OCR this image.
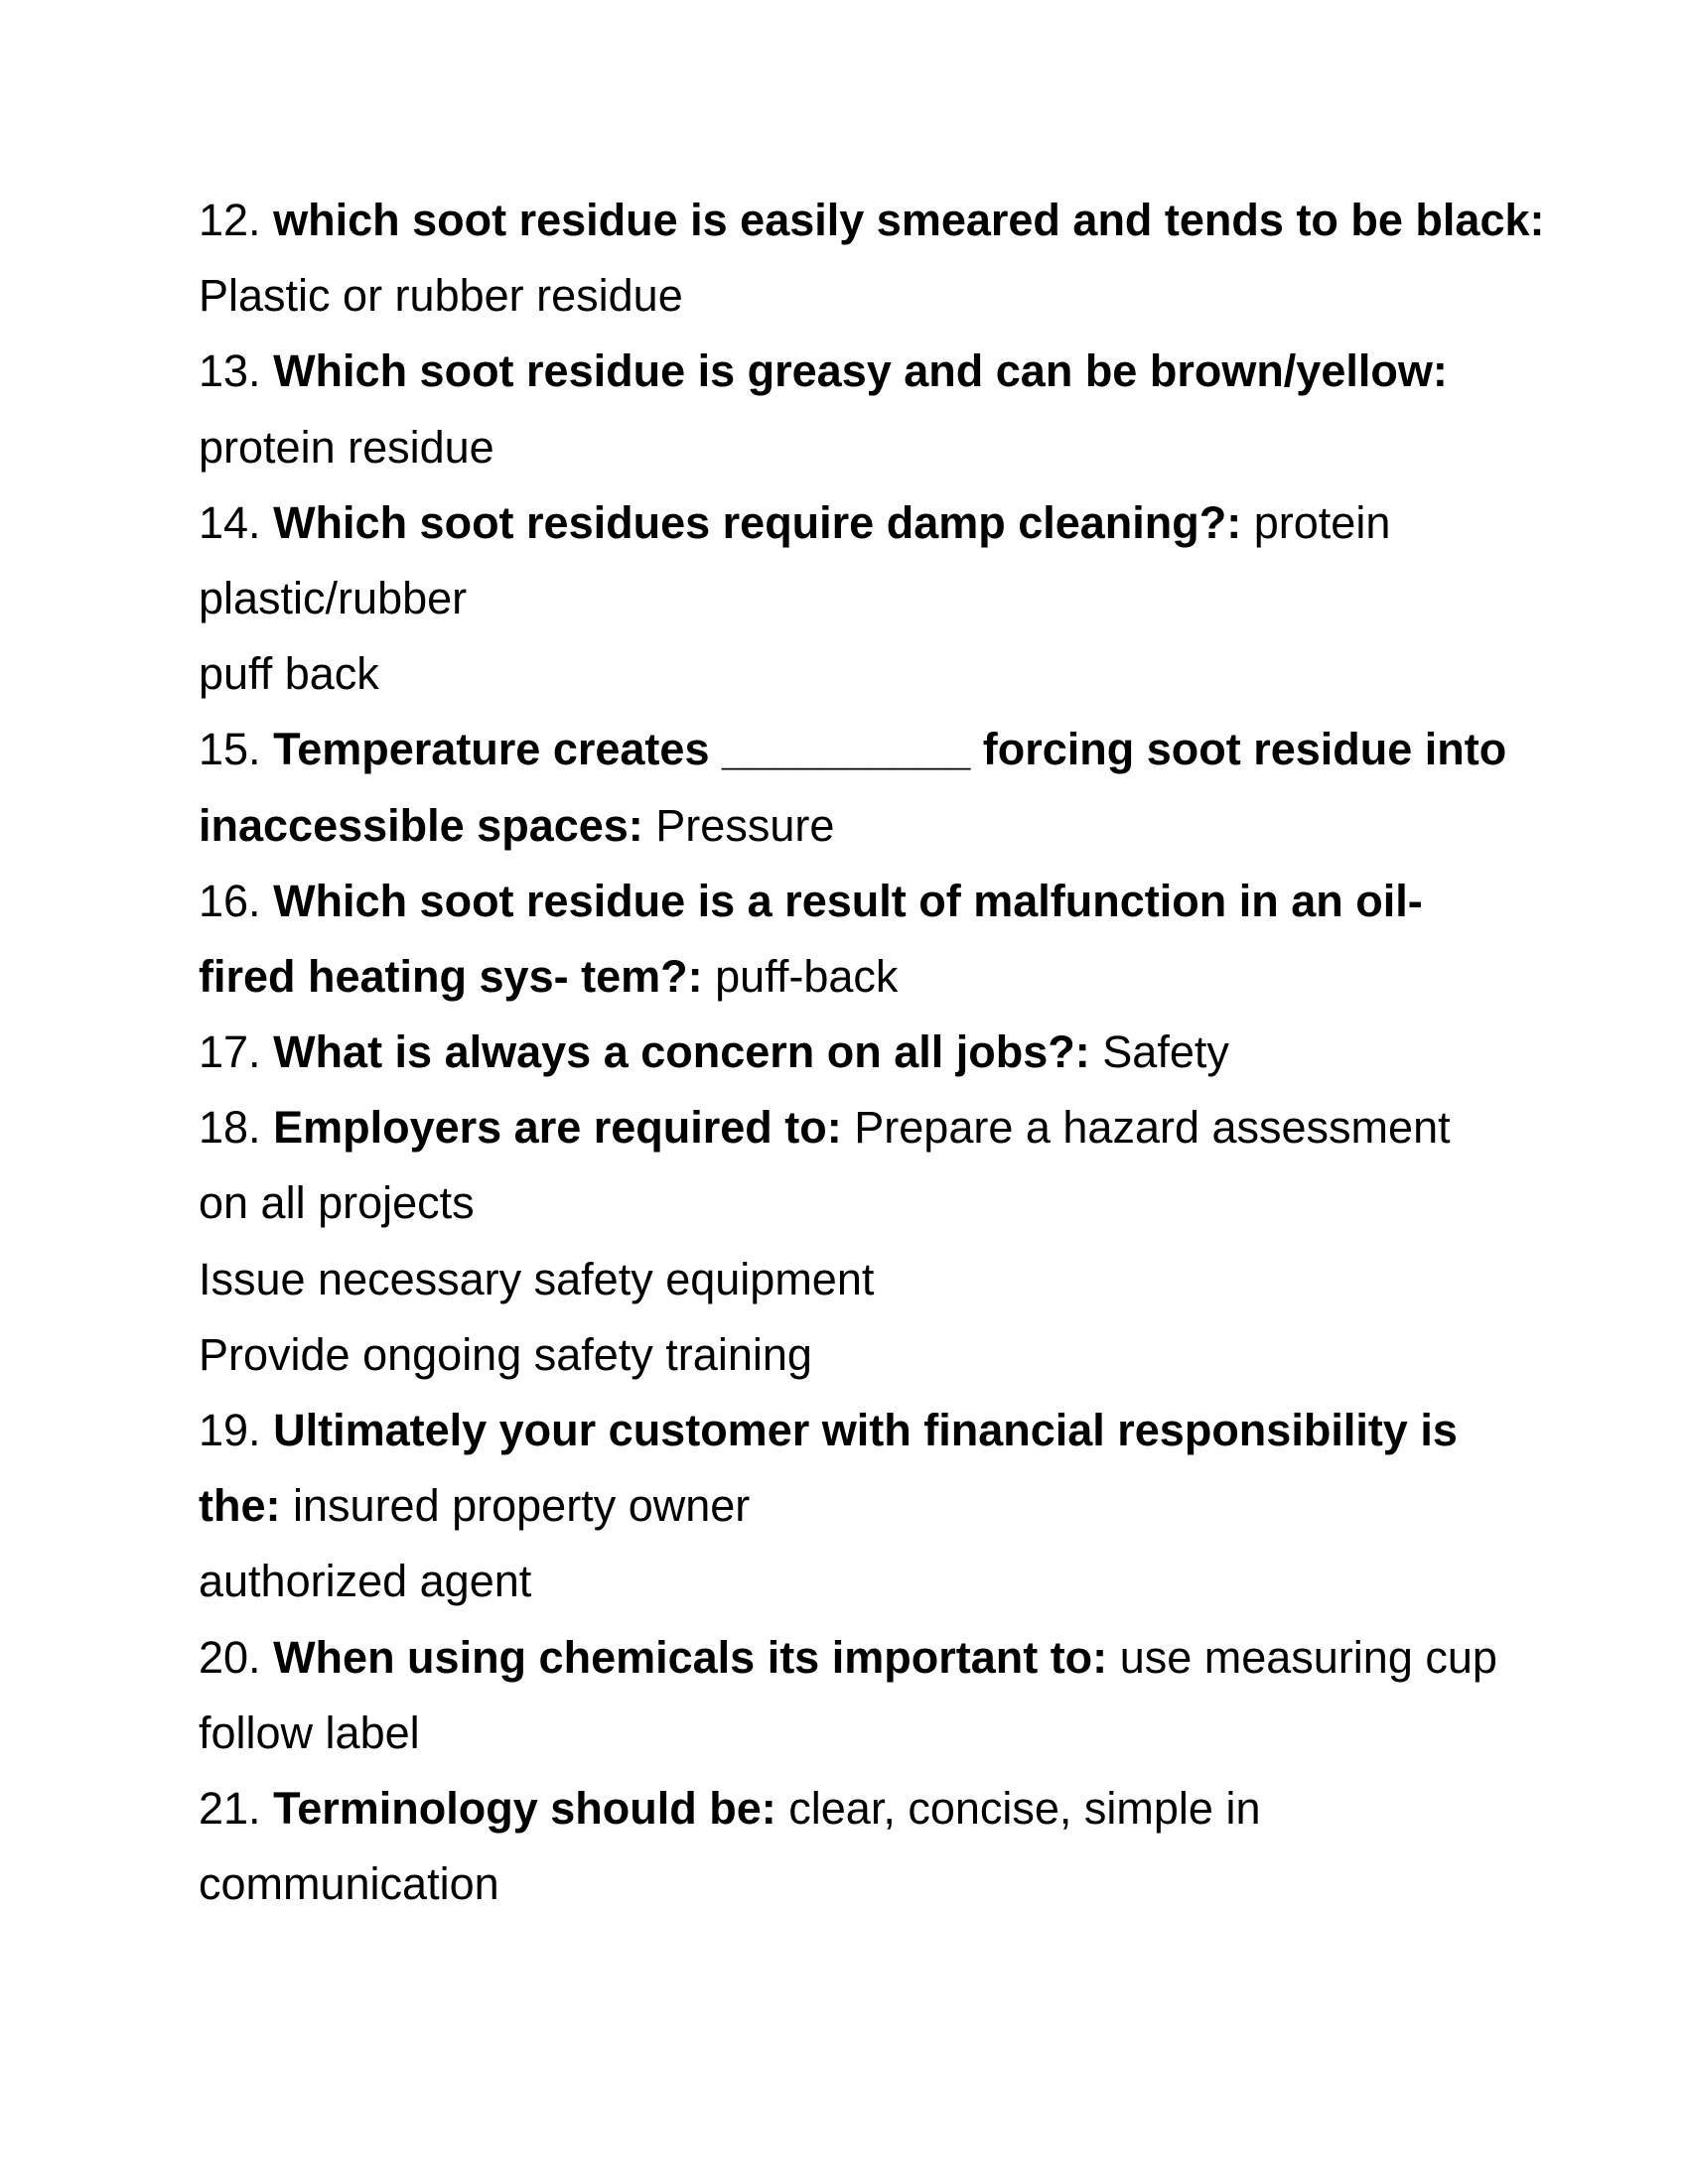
12. which soot residue is easily smeared and tends to be black:
Plastic or rubber residue
13. Which soot residue is greasy and can be brown/yellow:
protein residue
14. Which soot residues require damp cleaning?: protein
plastic/rubber
puff back
15. Temperature creates __________ forcing soot residue into
inaccessible spaces: Pressure
16. Which soot residue is a result of malfunction in an oil-
fired heating sys- tem?: puff-back
17. What is always a concern on all jobs?: Safety
18. Employers are required to: Prepare a hazard assessment
on all projects
Issue necessary safety equipment
Provide ongoing safety training
19. Ultimately your customer with financial responsibility is
the: insured property owner
authorized agent
20. When using chemicals its important to: use measuring cup
follow label
21. Terminology should be: clear, concise, simple in
communication
